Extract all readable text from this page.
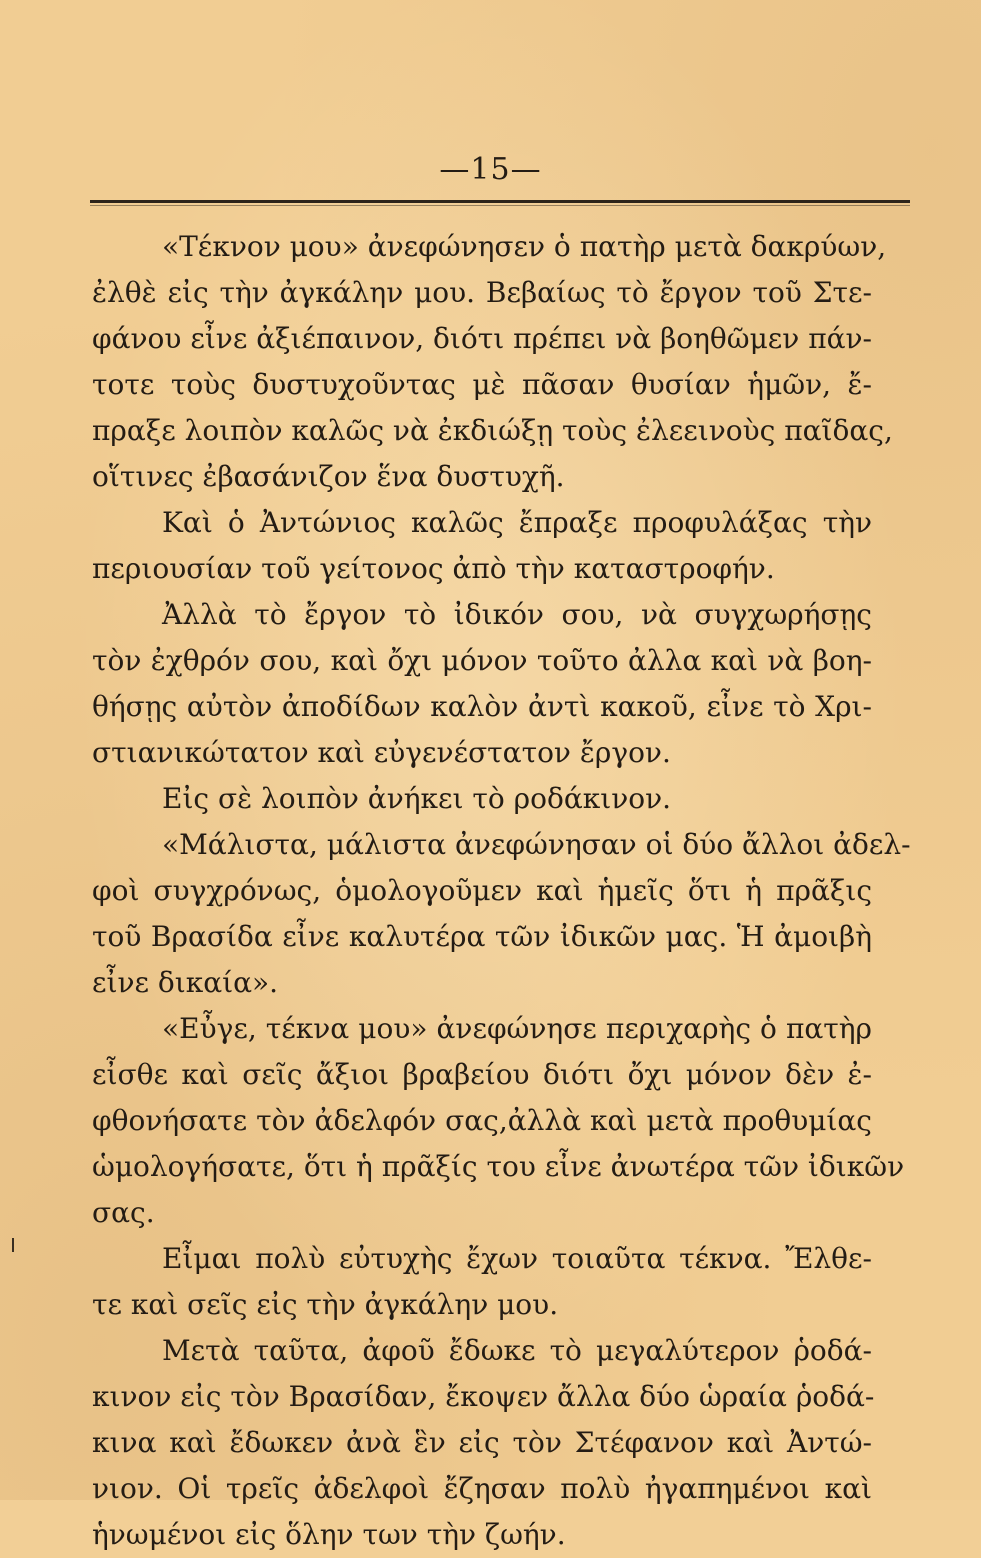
—15—
«Τέκνον μου» ἀνεφώνησεν ὁ πατὴρ μετὰ δακρύων,
ἐλθὲ εἰς τὴν ἀγκάλην μου. Βεβαίως τὸ ἔργον τοῦ Στε-
φάνου εἶνε ἀξιέπαινον, διότι πρέπει νὰ βοηθῶμεν πάν-
τοτε τοὺς δυστυχοῦντας μὲ πᾶσαν θυσίαν ἡμῶν, ἔ-
πραξε λοιπὸν καλῶς νὰ ἐκδιώξῃ τοὺς ἐλεεινοὺς παῖδας,
οἵτινες ἐβασάνιζον ἕνα δυστυχῆ.
Καὶ ὁ Ἀντώνιος καλῶς ἔπραξε προφυλάξας τὴν
περιουσίαν τοῦ γείτονος ἀπὸ τὴν καταστροφήν.
Ἀλλὰ τὸ ἔργον τὸ ἰδικόν σου, νὰ συγχωρήσῃς
τὸν ἐχθρόν σου, καὶ ὄχι μόνον τοῦτο ἀλλα καὶ νὰ βοη-
θήσῃς αὐτὸν ἀποδίδων καλὸν ἀντὶ κακοῦ, εἶνε τὸ Χρι-
στιανικώτατον καὶ εὐγενέστατον ἔργον.
Εἰς σὲ λοιπὸν ἀνήκει τὸ ροδάκινον.
«Μάλιστα, μάλιστα ἀνεφώνησαν οἱ δύο ἄλλοι ἀδελ-
φοὶ συγχρόνως, ὁμολογοῦμεν καὶ ἡμεῖς ὅτι ἡ πρᾶξις
τοῦ Βρασίδα εἶνε καλυτέρα τῶν ἰδικῶν μας. Ἡ ἀμοιβὴ
εἶνε δικαία».
«Εὖγε, τέκνα μου» ἀνεφώνησε περιχαρὴς ὁ πατὴρ
εἶσθε καὶ σεῖς ἄξιοι βραβείου διότι ὄχι μόνον δὲν ἐ-
φθονήσατε τὸν ἀδελφόν σας,ἀλλὰ καὶ μετὰ προθυμίας
ὡμολογήσατε, ὅτι ἡ πρᾶξίς του εἶνε ἀνωτέρα τῶν ἰδικῶν
σας.
Εἶμαι πολὺ εὐτυχὴς ἔχων τοιαῦτα τέκνα. Ἔλθε-
τε καὶ σεῖς εἰς τὴν ἀγκάλην μου.
Μετὰ ταῦτα, ἀφοῦ ἔδωκε τὸ μεγαλύτερον ῥοδά-
κινον εἰς τὸν Βρασίδαν, ἔκοψεν ἄλλα δύο ὡραία ῥοδά-
κινα καὶ ἔδωκεν ἀνὰ ἓν εἰς τὸν Στέφανον καὶ Ἀντώ-
νιον. Οἱ τρεῖς ἀδελφοὶ ἔζησαν πολὺ ἠγαπημένοι καὶ
ἡνωμένοι εἰς ὅλην των τὴν ζωήν.
